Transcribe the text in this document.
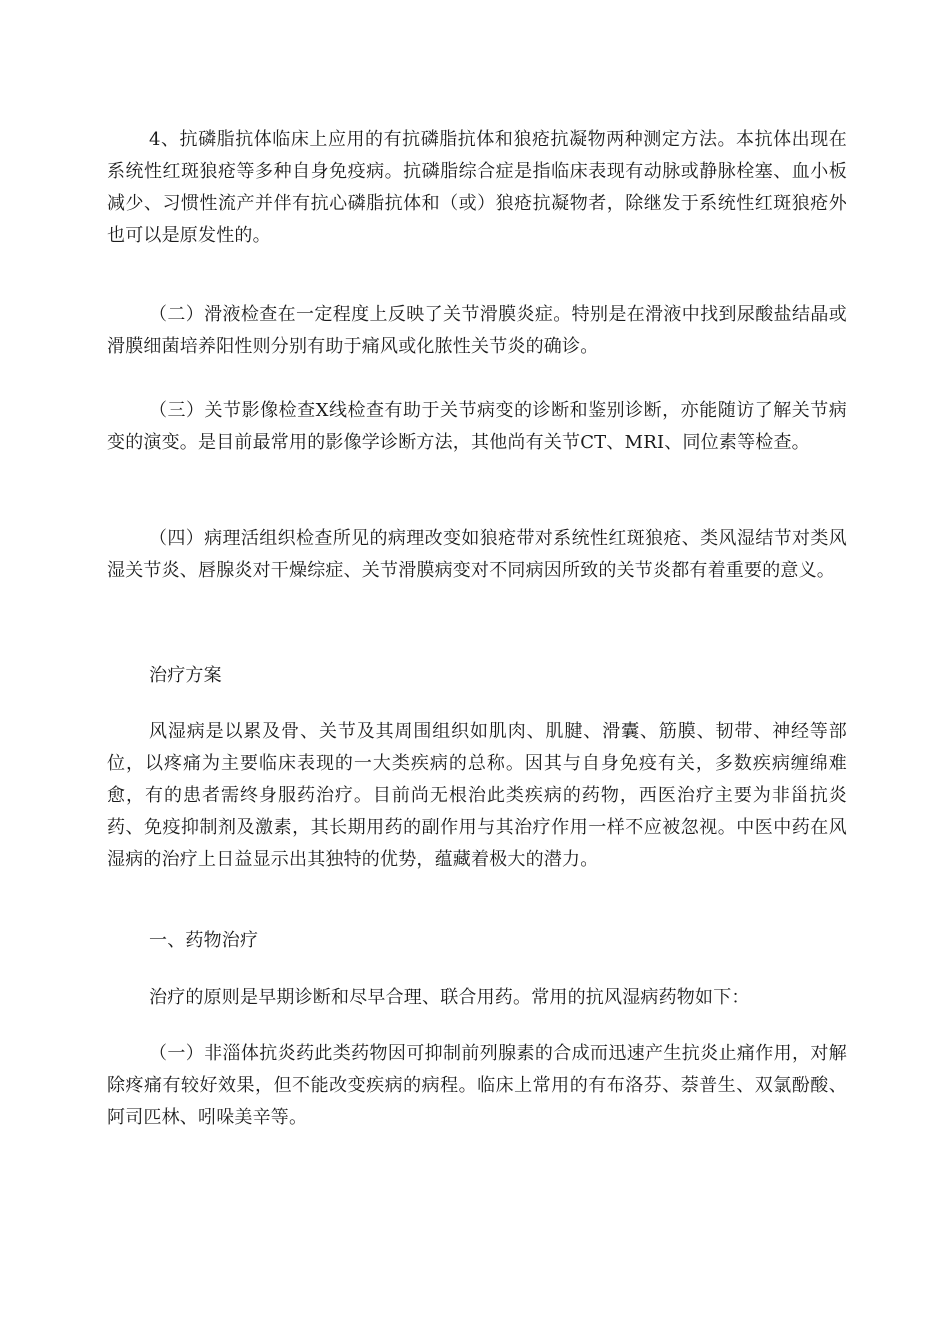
4、抗磷脂抗体临床上应用的有抗磷脂抗体和狼疮抗凝物两种测定方法。本抗体出现在系统性红斑狼疮等多种自身免疫病。抗磷脂综合症是指临床表现有动脉或静脉栓塞、血小板减少、习惯性流产并伴有抗心磷脂抗体和（或）狼疮抗凝物者，除继发于系统性红斑狼疮外也可以是原发性的。

（二）滑液检查在一定程度上反映了关节滑膜炎症。特别是在滑液中找到尿酸盐结晶或滑膜细菌培养阳性则分别有助于痛风或化脓性关节炎的确诊。

（三）关节影像检查X线检查有助于关节病变的诊断和鉴别诊断，亦能随访了解关节病变的演变。是目前最常用的影像学诊断方法，其他尚有关节CT、MRI、同位素等检查。

（四）病理活组织检查所见的病理改变如狼疮带对系统性红斑狼疮、类风湿结节对类风湿关节炎、唇腺炎对干燥综症、关节滑膜病变对不同病因所致的关节炎都有着重要的意义。

治疗方案

风湿病是以累及骨、关节及其周围组织如肌肉、肌腱、滑囊、筋膜、韧带、神经等部位，以疼痛为主要临床表现的一大类疾病的总称。因其与自身免疫有关，多数疾病缠绵难愈，有的患者需终身服药治疗。目前尚无根治此类疾病的药物，西医治疗主要为非甾抗炎药、免疫抑制剂及激素，其长期用药的副作用与其治疗作用一样不应被忽视。中医中药在风湿病的治疗上日益显示出其独特的优势，蕴藏着极大的潜力。

一、药物治疗

治疗的原则是早期诊断和尽早合理、联合用药。常用的抗风湿病药物如下：

（一）非淄体抗炎药此类药物因可抑制前列腺素的合成而迅速产生抗炎止痛作用，对解除疼痛有较好效果，但不能改变疾病的病程。临床上常用的有布洛芬、萘普生、双氯酚酸、阿司匹林、吲哚美辛等。
